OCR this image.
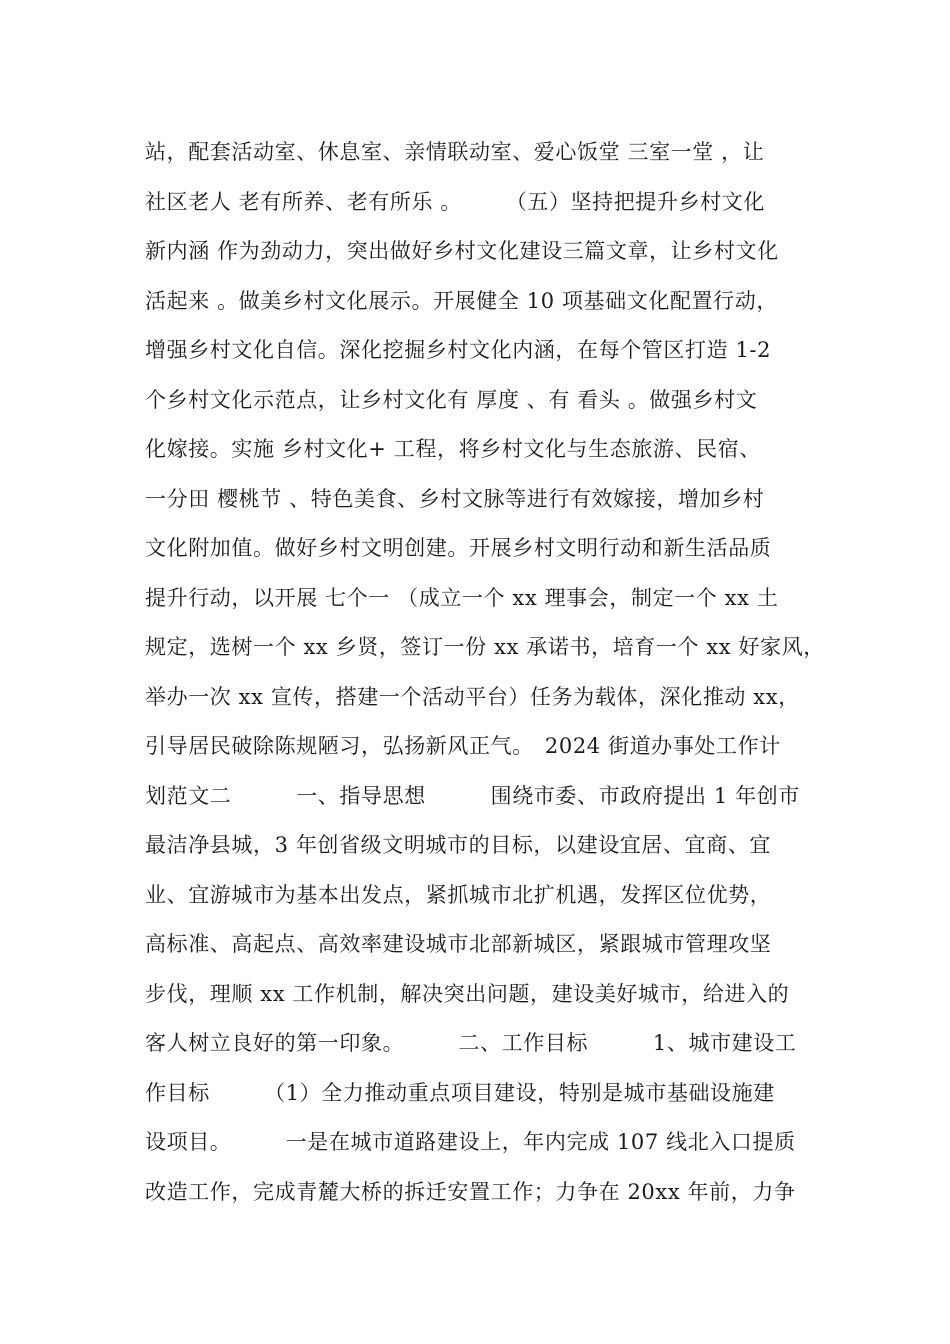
站，配套活动室、休息室、亲情联动室、爱心饭堂 三室一堂 ，让
社区老人 老有所养、老有所乐 。　　　（五）坚持把提升乡村文化
新内涵 作为劲动力，突出做好乡村文化建设三篇文章，让乡村文化
活起来 。做美乡村文化展示。开展健全 10 项基础文化配置行动，
增强乡村文化自信。深化挖掘乡村文化内涵，在每个管区打造 1-2
个乡村文化示范点，让乡村文化有 厚度 、有 看头 。做强乡村文
化嫁接。实施 乡村文化+ 工程，将乡村文化与生态旅游、民宿、
一分田 樱桃节 、特色美食、乡村文脉等进行有效嫁接，增加乡村
文化附加值。做好乡村文明创建。开展乡村文明行动和新生活品质
提升行动，以开展 七个一 （成立一个 xx 理事会，制定一个 xx 土
规定，选树一个 xx 乡贤，签订一份 xx 承诺书，培育一个 xx 好家风，
举办一次 xx 宣传，搭建一个活动平台）任务为载体，深化推动 xx，
引导居民破除陈规陋习，弘扬新风正气。　2024 街道办事处工作计
划范文二　　　一、指导思想　　　围绕市委、市政府提出 1 年创市
最洁净县城，3 年创省级文明城市的目标，以建设宜居、宜商、宜
业、宜游城市为基本出发点，紧抓城市北扩机遇，发挥区位优势，
高标准、高起点、高效率建设城市北部新城区，紧跟城市管理攻坚
步伐，理顺 xx 工作机制，解决突出问题，建设美好城市，给进入的
客人树立良好的第一印象。　　　二、工作目标　　　1、城市建设工
作目标　　　（1）全力推动重点项目建设，特别是城市基础设施建
设项目。　　　一是在城市道路建设上，年内完成 107 线北入口提质
改造工作，完成青麓大桥的拆迁安置工作；力争在 20xx 年前，力争
